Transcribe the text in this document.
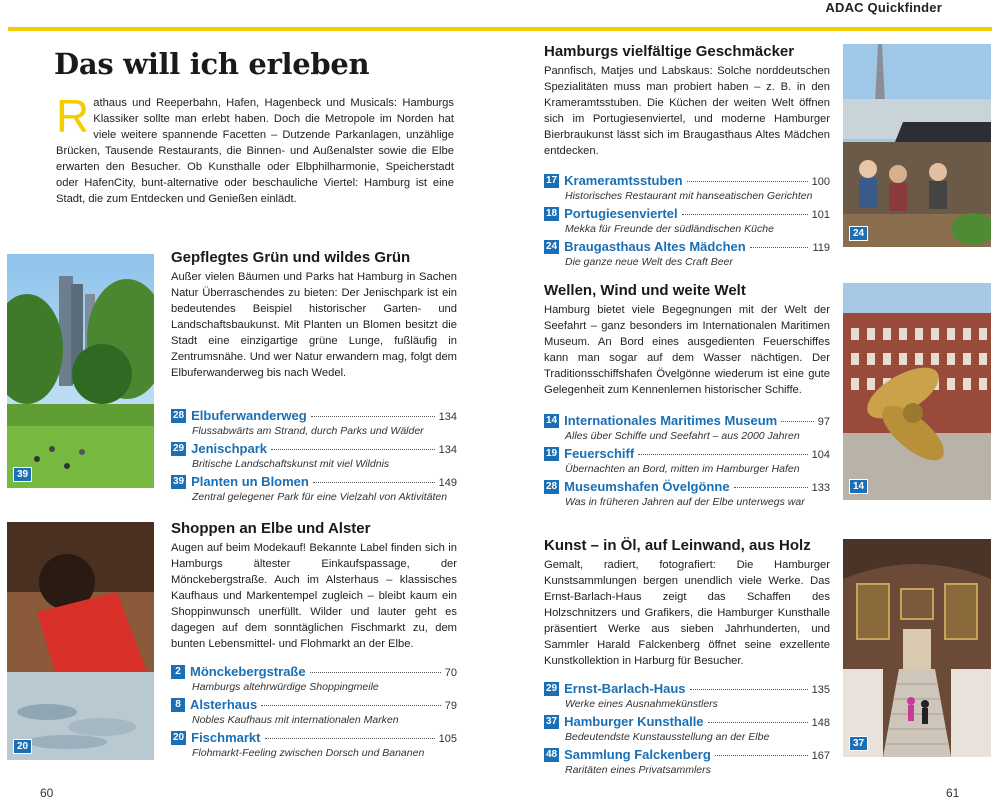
ADAC Quickfinder
Das will ich erleben
Rathaus und Reeperbahn, Hafen, Hagenbeck und Musicals: Hamburgs Klassiker sollte man erlebt haben. Doch die Metropole im Norden hat viele weitere spannende Facetten – Dutzende Parkanlagen, unzählige Brücken, Tausende Restaurants, die Binnen- und Außenalster sowie die Elbe erwarten den Besucher. Ob Kunsthalle oder Elbphilharmonie, Speicherstadt oder HafenCity, bunt-alternative oder beschauliche Viertel: Hamburg ist eine Stadt, die zum Entdecken und Genießen einlädt.
39
Gepflegtes Grün und wildes Grün

Außer vielen Bäumen und Parks hat Hamburg in Sachen Natur Überraschendes zu bieten: Der Jenischpark ist ein bedeutendes Beispiel historischer Garten- und Landschaftsbaukunst. Mit Planten un Blomen besitzt die Stadt eine einzigartige grüne Lunge, fußläufig in Zentrumsnähe. Und wer Natur erwandern mag, folgt dem Elbuferwanderweg bis nach Wedel.

28 Elbuferwanderweg	134
Flussabwärts am Strand, durch Parks und Wälder
29 Jenischpark	134
Britische Landschaftskunst mit viel Wildnis
39 Planten un Blomen	149
Zentral gelegener Park für eine Vielzahl von Aktivitäten
20
Shoppen an Elbe und Alster

Augen auf beim Modekauf! Bekannte Label finden sich in Hamburgs ältester Einkaufspassage, der Mönckebergstraße. Auch im Alsterhaus – klassisches Kaufhaus und Markentempel zugleich – bleibt kaum ein Shoppinwunsch unerfüllt. Wilder und lauter geht es dagegen auf dem sonntäglichen Fischmarkt zu, dem bunten Lebensmittel- und Flohmarkt an der Elbe.

2 Mönckebergstraße	70
Hamburgs altehrwürdige Shoppingmeile
8 Alsterhaus	79
Nobles Kaufhaus mit internationalen Marken
20 Fischmarkt	105
Flohmarkt-Feeling zwischen Dorsch und Bananen
Hamburgs vielfältige Geschmäcker

Pannfisch, Matjes und Labskaus: Solche norddeutschen Spezialitäten muss man probiert haben – z. B. in den Krameramtsstuben. Die Küchen der weiten Welt öffnen sich im Portugiesenviertel, und moderne Hamburger Bierbraukunst lässt sich im Braugasthaus Altes Mädchen entdecken.

17 Krameramtsstuben	100
Historisches Restaurant mit hanseatischen Gerichten
18 Portugiesenviertel	101
Mekka für Freunde der südländischen Küche
24 Braugasthaus Altes Mädchen	119
Die ganze neue Welt des Craft Beer
24
Wellen, Wind und weite Welt

Hamburg bietet viele Begegnungen mit der Welt der Seefahrt – ganz besonders im Internationalen Maritimen Museum. An Bord eines ausgedienten Feuerschiffes kann man sogar auf dem Wasser nächtigen. Der Traditionsschiffshafen Övelgönne wiederum ist eine gute Gelegenheit zum Kennenlernen historischer Schiffe.

14 Internationales Maritimes Museum	97
Alles über Schiffe und Seefahrt – aus 2000 Jahren
19 Feuerschiff	104
Übernachten an Bord, mitten im Hamburger Hafen
28 Museumshafen Övelgönne	133
Was in früheren Jahren auf der Elbe unterwegs war
14
Kunst – in Öl, auf Leinwand, aus Holz

Gemalt, radiert, fotografiert: Die Hamburger Kunstsammlungen bergen unendlich viele Werke. Das Ernst-Barlach-Haus zeigt das Schaffen des Holzschnitzers und Grafikers, die Hamburger Kunsthalle präsentiert Werke aus sieben Jahrhunderten, und Sammler Harald Falckenberg öffnet seine exzellente Kunstkollektion in Harburg für Besucher.

29 Ernst-Barlach-Haus	135
Werke eines Ausnahmekünstlers
37 Hamburger Kunsthalle	148
Bedeutendste Kunstausstellung an der Elbe
48 Sammlung Falckenberg	167
Raritäten eines Privatsammlers
37
60	61
